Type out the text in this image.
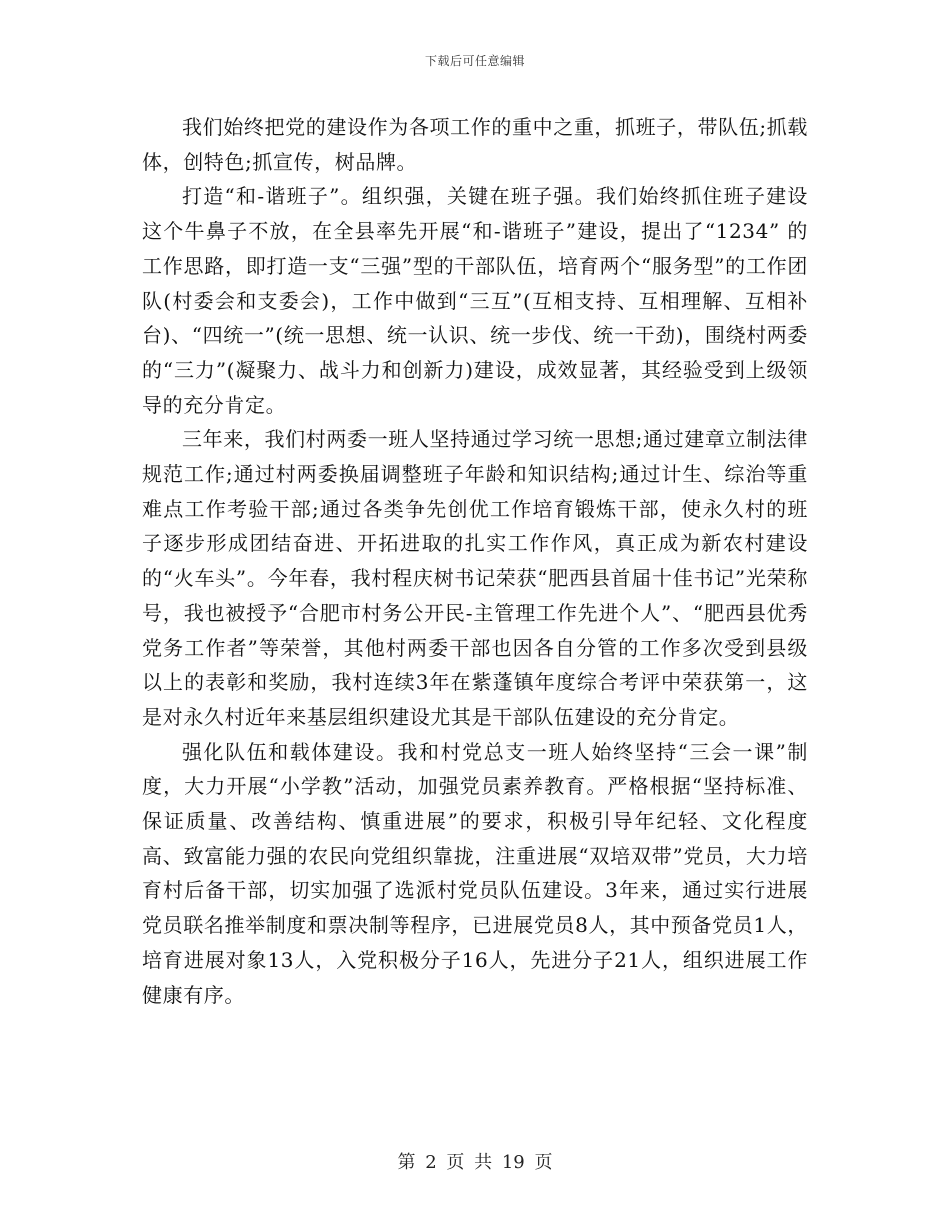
下载后可任意编辑

我们始终把党的建设作为各项工作的重中之重，抓班子，带队伍;抓载体，创特色;抓宣传，树品牌。

打造“和-谐班子”。组织强，关键在班子强。我们始终抓住班子建设这个牛鼻子不放，在全县率先开展“和-谐班子”建设，提出了“1234” 的工作思路，即打造一支“三强”型的干部队伍，培育两个“服务型”的工作团队(村委会和支委会)，工作中做到“三互”(互相支持、互相理解、互相补台)、“四统一”(统一思想、统一认识、统一步伐、统一干劲)，围绕村两委的“三力”(凝聚力、战斗力和创新力)建设，成效显著，其经验受到上级领导的充分肯定。

三年来，我们村两委一班人坚持通过学习统一思想;通过建章立制法律规范工作;通过村两委换届调整班子年龄和知识结构;通过计生、综治等重难点工作考验干部;通过各类争先创优工作培育锻炼干部，使永久村的班子逐步形成团结奋进、开拓进取的扎实工作作风，真正成为新农村建设的“火车头”。今年春，我村程庆树书记荣获“肥西县首届十佳书记”光荣称号，我也被授予“合肥市村务公开民-主管理工作先进个人”、“肥西县优秀党务工作者”等荣誉，其他村两委干部也因各自分管的工作多次受到县级以上的表彰和奖励，我村连续3年在紫蓬镇年度综合考评中荣获第一，这是对永久村近年来基层组织建设尤其是干部队伍建设的充分肯定。

强化队伍和载体建设。我和村党总支一班人始终坚持“三会一课”制度，大力开展“小学教”活动，加强党员素养教育。严格根据“坚持标准、保证质量、改善结构、慎重进展”的要求，积极引导年纪轻、文化程度高、致富能力强的农民向党组织靠拢，注重进展“双培双带”党员，大力培育村后备干部，切实加强了选派村党员队伍建设。3年来，通过实行进展党员联名推举制度和票决制等程序，已进展党员8人，其中预备党员1人，培育进展对象13人，入党积极分子16人，先进分子21人，组织进展工作健康有序。

第 2 页 共 19 页
